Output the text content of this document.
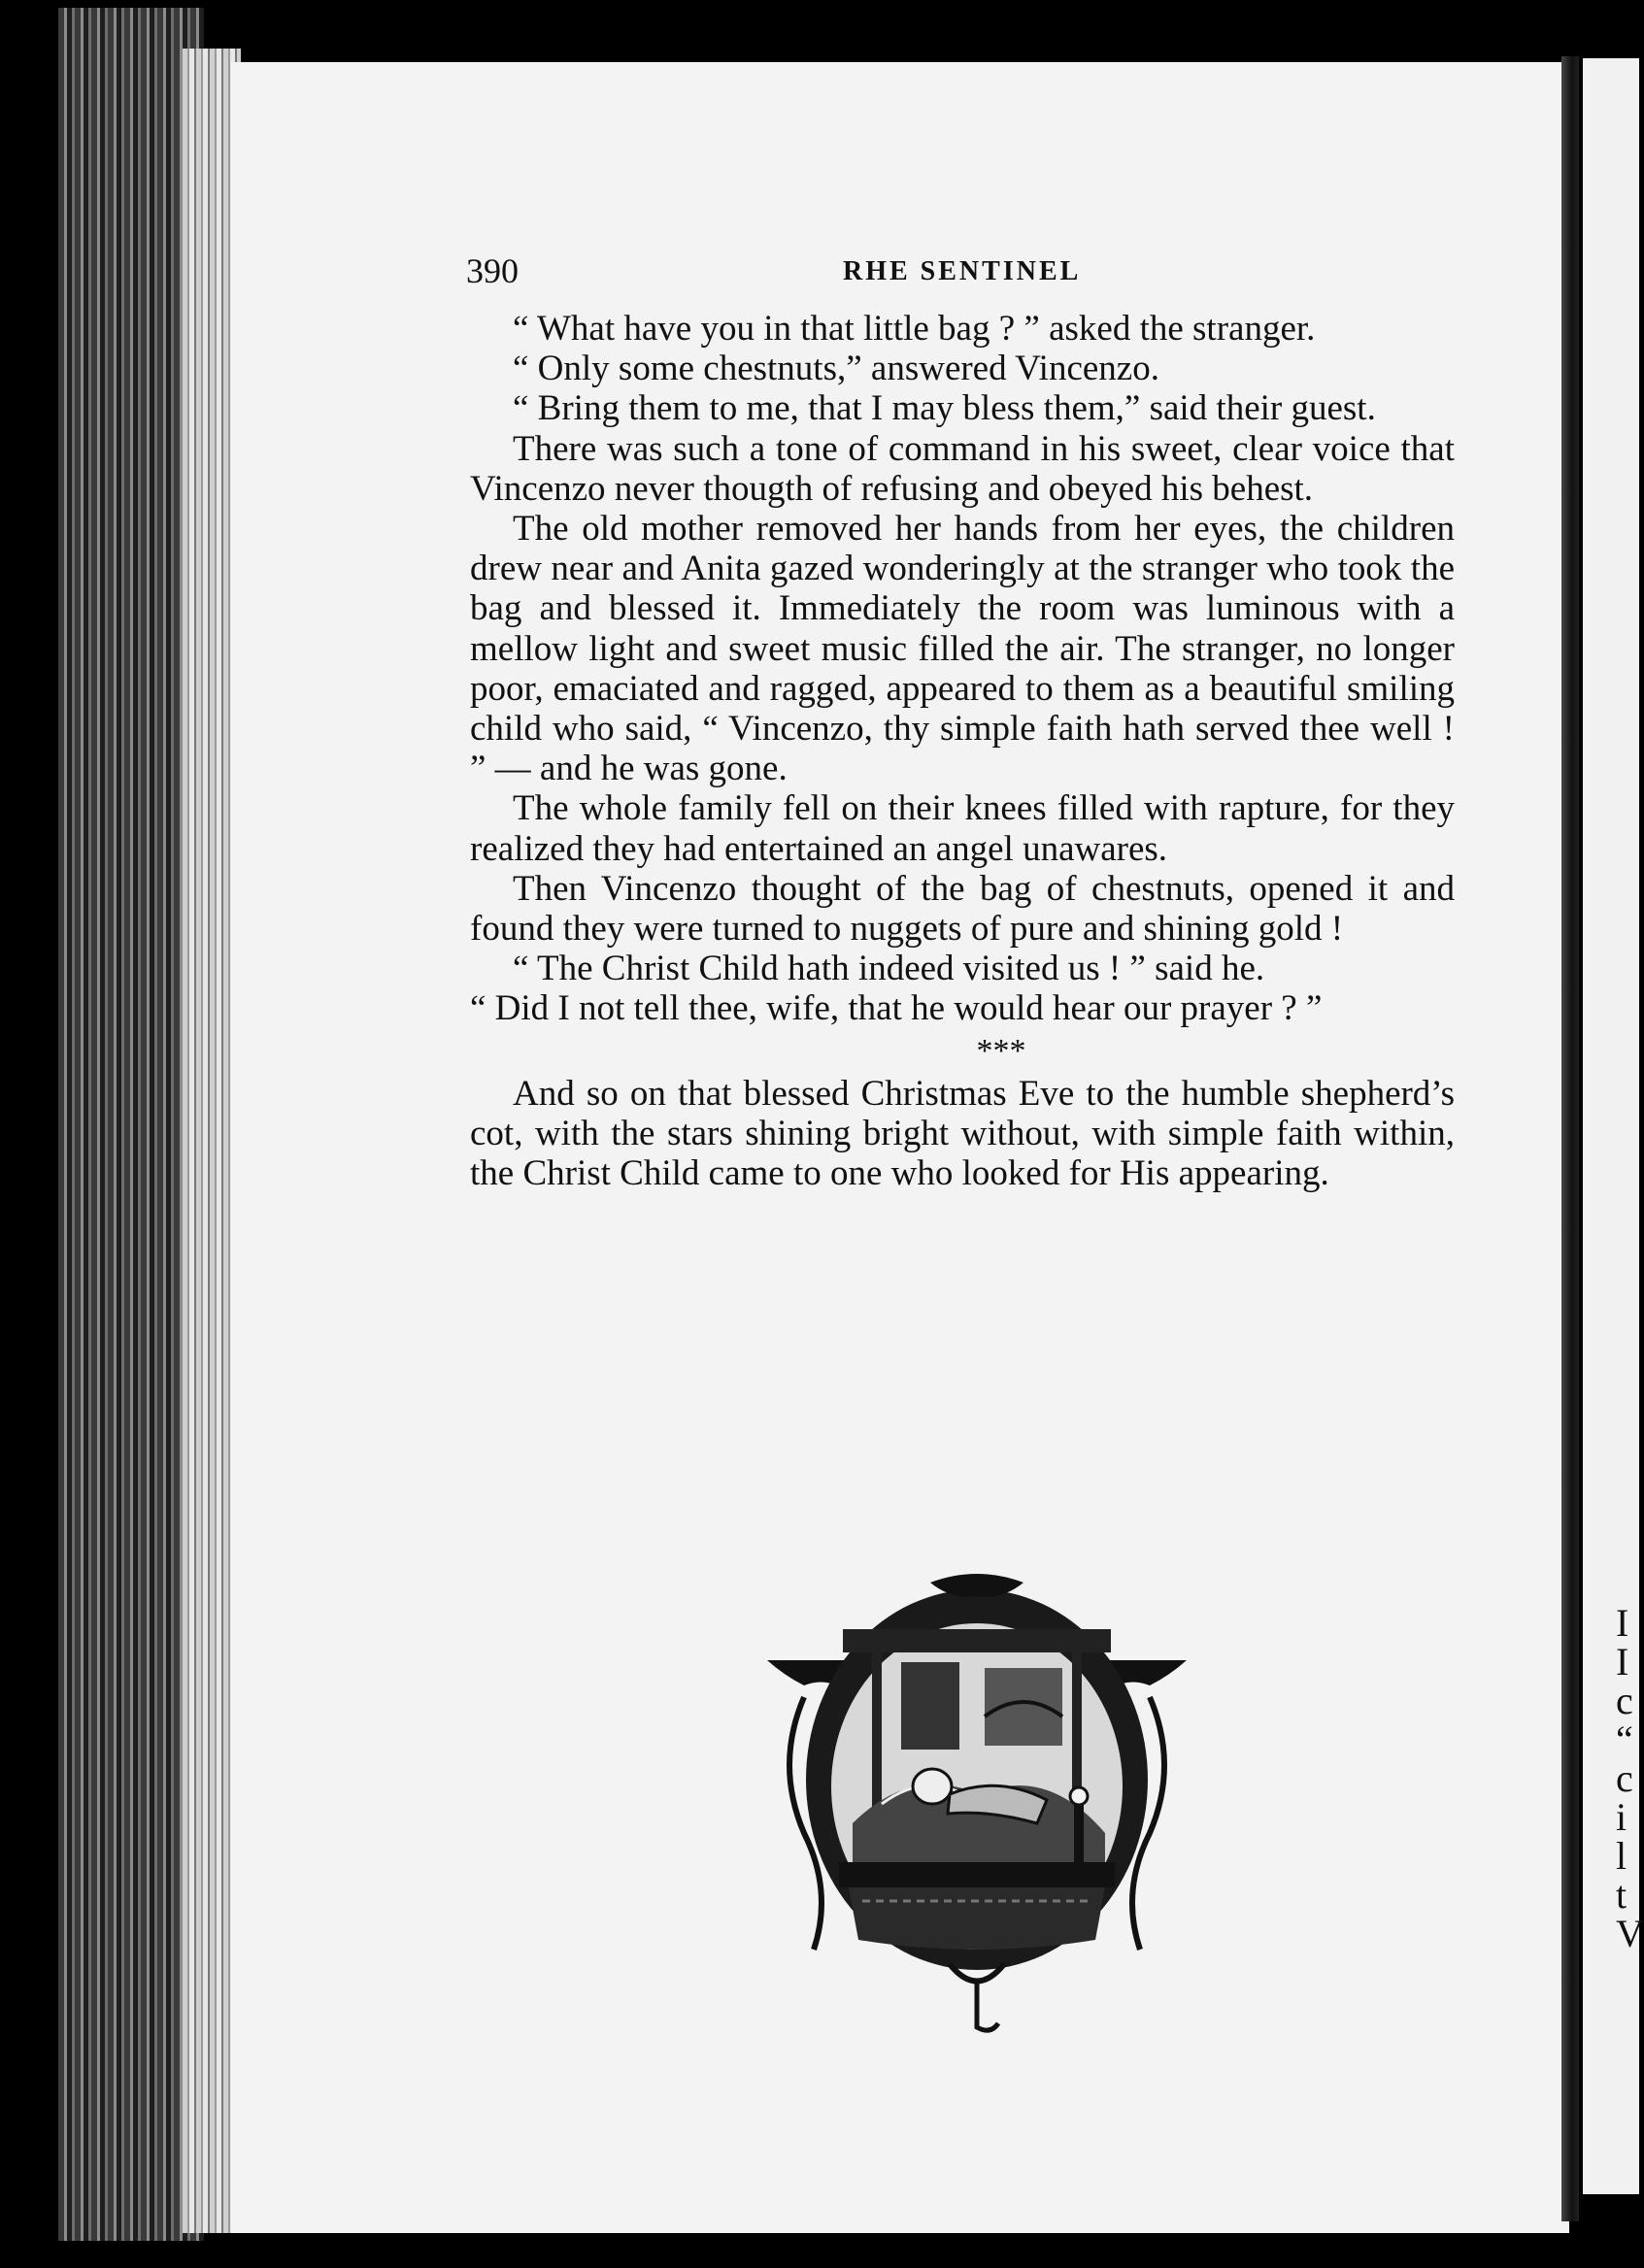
I
I
c
“
c
i
l
t
V
390	RHE SENTINEL

“ What have you in that little bag ? ” asked the stranger.

“ Only some chestnuts,” answered Vincenzo.

“ Bring them to me, that I may bless them,” said their guest.

There was such a tone of command in his sweet, clear voice that Vincenzo never thougth of refusing and obeyed his behest.

The old mother removed her hands from her eyes, the children drew near and Anita gazed wonderingly at the stranger who took the bag and blessed it. Immediately the room was luminous with a mellow light and sweet music filled the air. The stranger, no longer poor, emaciated and ragged, appeared to them as a beautiful smiling child who said, “ Vincenzo, thy simple faith hath served thee well ! ” — and he was gone.

The whole family fell on their knees filled with rapture, for they realized they had entertained an angel unawares.

Then Vincenzo thought of the bag of chestnuts, opened it and found they were turned to nuggets of pure and shining gold !

“ The Christ Child hath indeed visited us ! ” said he.

“ Did I not tell thee, wife, that he would hear our prayer ? ”

***

And so on that blessed Christmas Eve to the humble shepherd’s cot, with the stars shining bright without, with simple faith within, the Christ Child came to one who looked for His appearing.
